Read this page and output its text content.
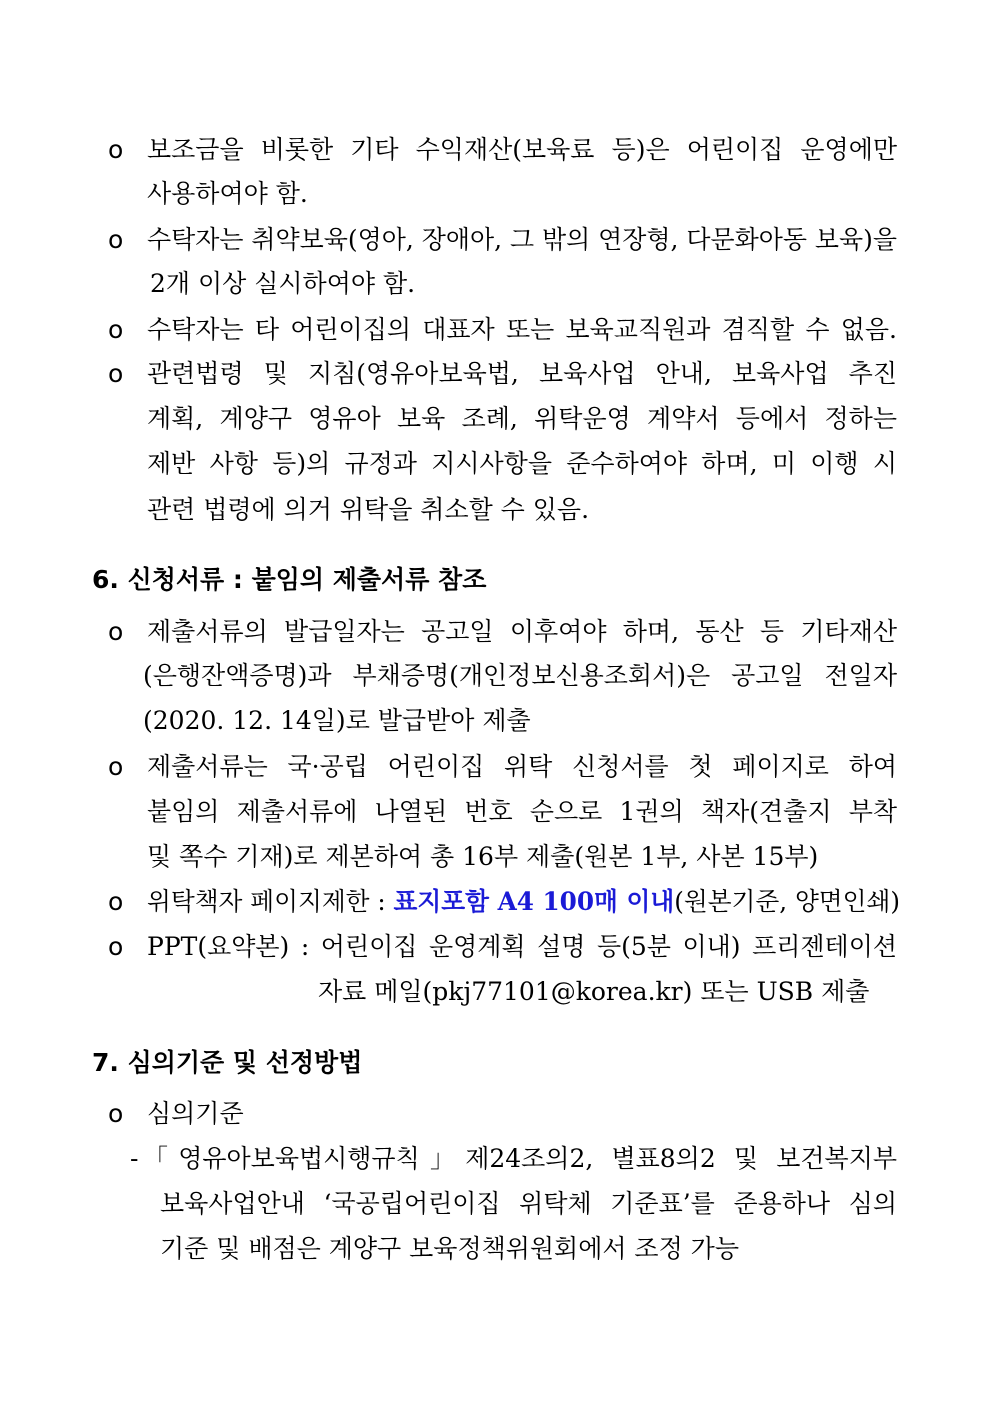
o 보조금을 비롯한 기타 수익재산(보육료 등)은 어린이집 운영에만
사용하여야 함.
o 수탁자는 취약보육(영아, 장애아, 그 밖의 연장형, 다문화아동 보육)을
2개 이상 실시하여야 함.
o 수탁자는 타 어린이집의 대표자 또는 보육교직원과 겸직할 수 없음.
o 관련법령 및 지침(영유아보육법, 보육사업 안내, 보육사업 추진
계획, 계양구 영유아 보육 조례, 위탁운영 계약서 등에서 정하는
제반 사항 등)의 규정과 지시사항을 준수하여야 하며, 미 이행 시
관련 법령에 의거 위탁을 취소할 수 있음.
6. 신청서류 : 붙임의 제출서류 참조
o 제출서류의 발급일자는 공고일 이후여야 하며, 동산 등 기타재산
(은행잔액증명)과 부채증명(개인정보신용조회서)은 공고일 전일자
(2020. 12. 14일)로 발급받아 제출
o 제출서류는 국·공립 어린이집 위탁 신청서를 첫 페이지로 하여
붙임의 제출서류에 나열된 번호 순으로 1권의 책자(견출지 부착
및 쪽수 기재)로 제본하여 총 16부 제출(원본 1부, 사본 15부)
o 위탁책자 페이지제한 : 표지포함 A4 100매 이내(원본기준, 양면인쇄)
o PPT(요약본) : 어린이집 운영계획 설명 등(5분 이내) 프리젠테이션
자료 메일(pkj77101@korea.kr) 또는 USB 제출
7. 심의기준 및 선정방법
o 심의기준
- 「영유아보육법시행규칙」제24조의2, 별표8의2 및 보건복지부
보육사업안내 ‘국공립어린이집 위탁체 기준표’를 준용하나 심의
기준 및 배점은 계양구 보육정책위원회에서 조정 가능
